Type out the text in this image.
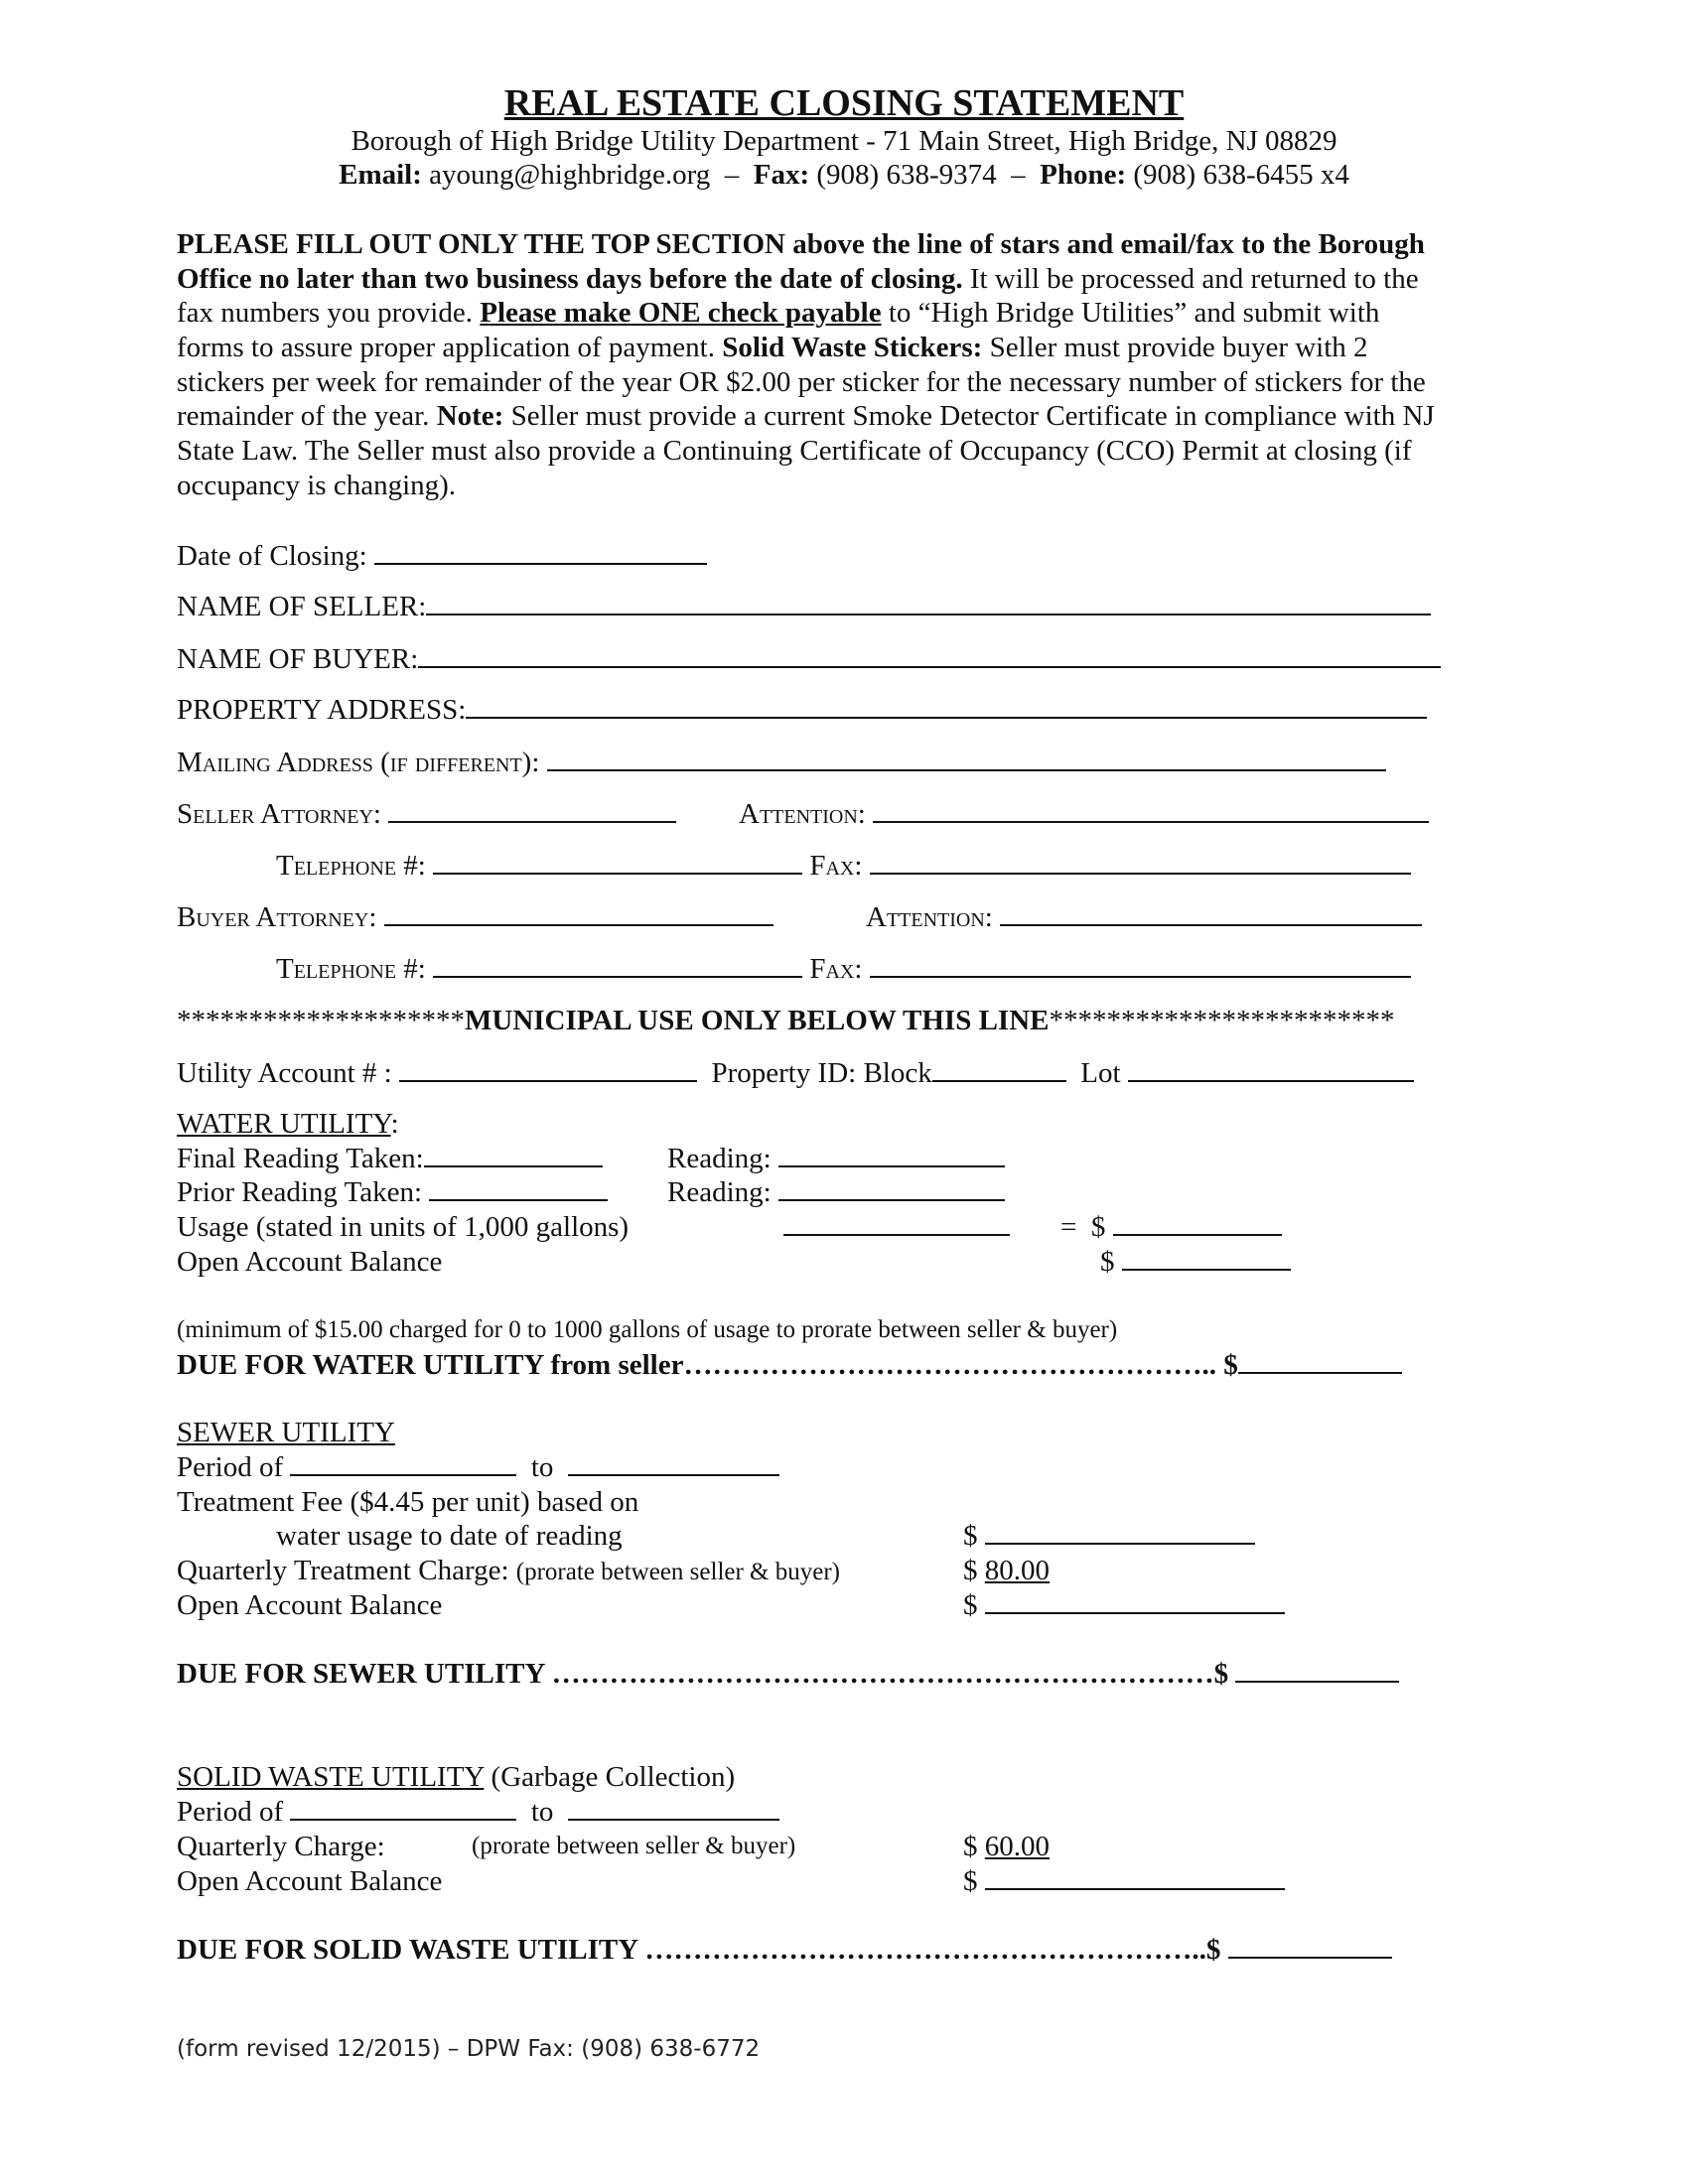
REAL ESTATE CLOSING STATEMENT
Borough of High Bridge Utility Department - 71 Main Street, High Bridge, NJ 08829
Email: ayoung@highbridge.org – Fax: (908) 638-9374 – Phone: (908) 638-6455 x4
PLEASE FILL OUT ONLY THE TOP SECTION above the line of stars and email/fax to the Borough
Office no later than two business days before the date of closing. It will be processed and returned to the
fax numbers you provide. Please make ONE check payable to “High Bridge Utilities” and submit with
forms to assure proper application of payment. Solid Waste Stickers: Seller must provide buyer with 2
stickers per week for remainder of the year OR $2.00 per sticker for the necessary number of stickers for the
remainder of the year. Note: Seller must provide a current Smoke Detector Certificate in compliance with NJ
State Law. The Seller must also provide a Continuing Certificate of Occupancy (CCO) Permit at closing (if
occupancy is changing).
Date of Closing:
NAME OF SELLER:
NAME OF BUYER:
PROPERTY ADDRESS:
Mailing Address (if different):
Seller Attorney:	Attention:
Telephone #:	Fax:
Buyer Attorney:	Attention:
Telephone #:	Fax:
********************MUNICIPAL USE ONLY BELOW THIS LINE************************
Utility Account # :	Property ID: Block	Lot
WATER UTILITY:
Final Reading Taken:	Reading:
Prior Reading Taken:	Reading:
Usage (stated in units of 1,000 gallons)	= $
Open Account Balance	$
(minimum of $15.00 charged for 0 to 1000 gallons of usage to prorate between seller & buyer)
DUE FOR WATER UTILITY from seller……………………………………………….. $
SEWER UTILITY
Period of	to
Treatment Fee ($4.45 per unit) based on
water usage to date of reading	$
Quarterly Treatment Charge: (prorate between seller & buyer)	$ 80.00
Open Account Balance	$
DUE FOR SEWER UTILITY ……………………………………………………………$
SOLID WASTE UTILITY (Garbage Collection)
Period of	to
Quarterly Charge:	(prorate between seller & buyer)	$ 60.00
Open Account Balance	$
DUE FOR SOLID WASTE UTILITY …………………………………………………..$
(form revised 12/2015) – DPW Fax: (908) 638-6772
